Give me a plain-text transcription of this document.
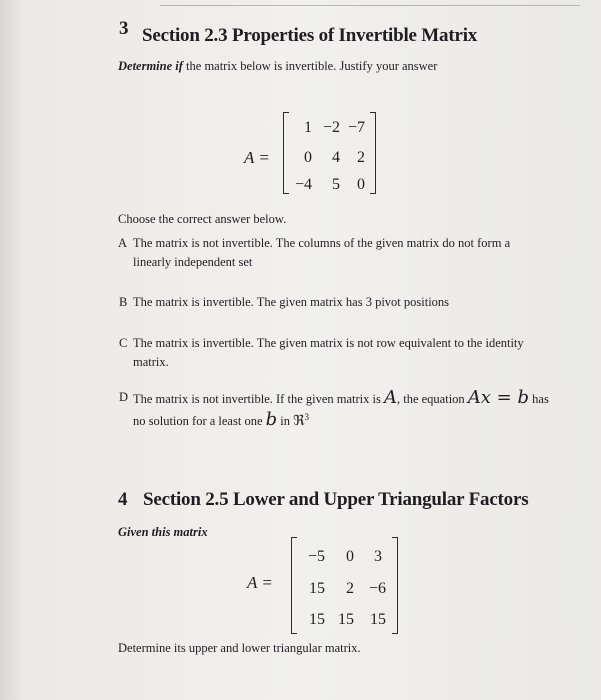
3 Section 2.3 Properties of Invertible Matrix
Determine if the matrix below is invertible. Justify your answer
A =
1 −2 −7
0	4	2
−4	5	0
Choose the correct answer below.
A The matrix is not invertible. The columns of the given matrix do not form a linearly independent set
B The matrix is invertible. The given matrix has 3 pivot positions
C The matrix is invertible. The given matrix is not row equivalent to the identity matrix.
D The matrix is not invertible. If the given matrix is A, the equation Ax = b has
no solution for a least one b in ℜ$^3$
4 Section 2.5 Lower and Upper Triangular Factors
Given this matrix
A =
−5	0	3
15	2 −6
15 15	15
Determine its upper and lower triangular matrix.
